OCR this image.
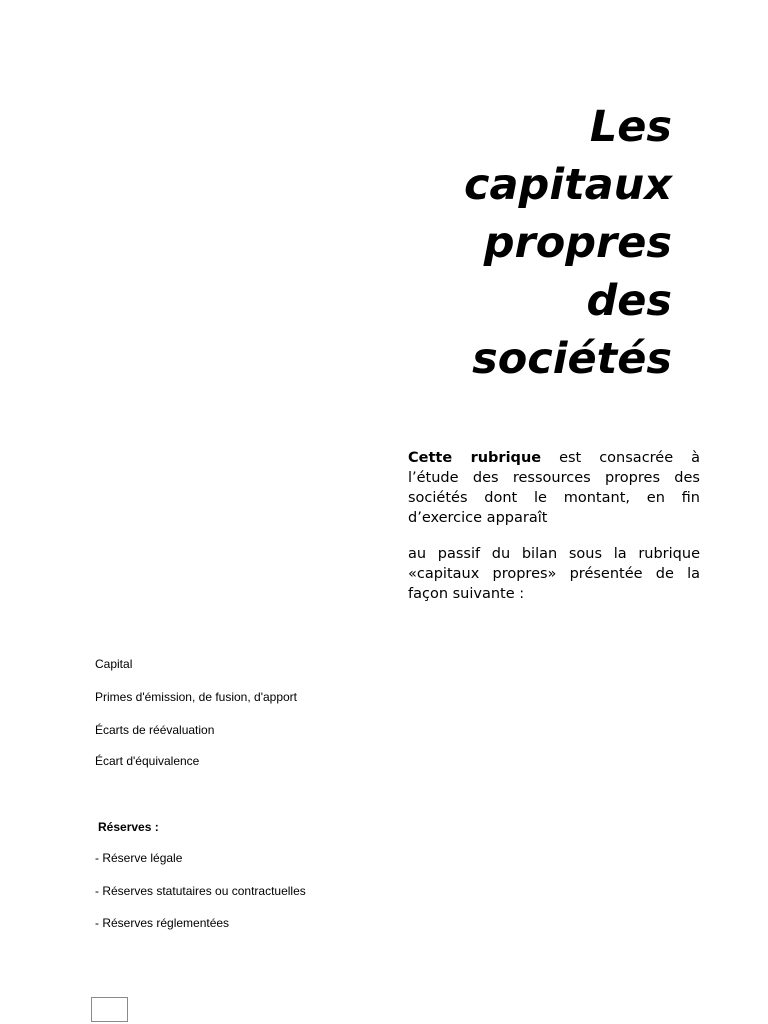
Les
capitaux
propres
des
sociétés

Cette rubrique est consacrée à l’étude des ressources propres des sociétés dont le montant, en fin d’exercice apparaît

au passif du bilan sous la rubrique «capitaux propres» présentée de la façon suivante :

Capital
Primes d'émission, de fusion, d'apport
Écarts de réévaluation
Écart d'équivalence

Réserves :

- Réserve légale
- Réserves statutaires ou contractuelles
- Réserves réglementées
